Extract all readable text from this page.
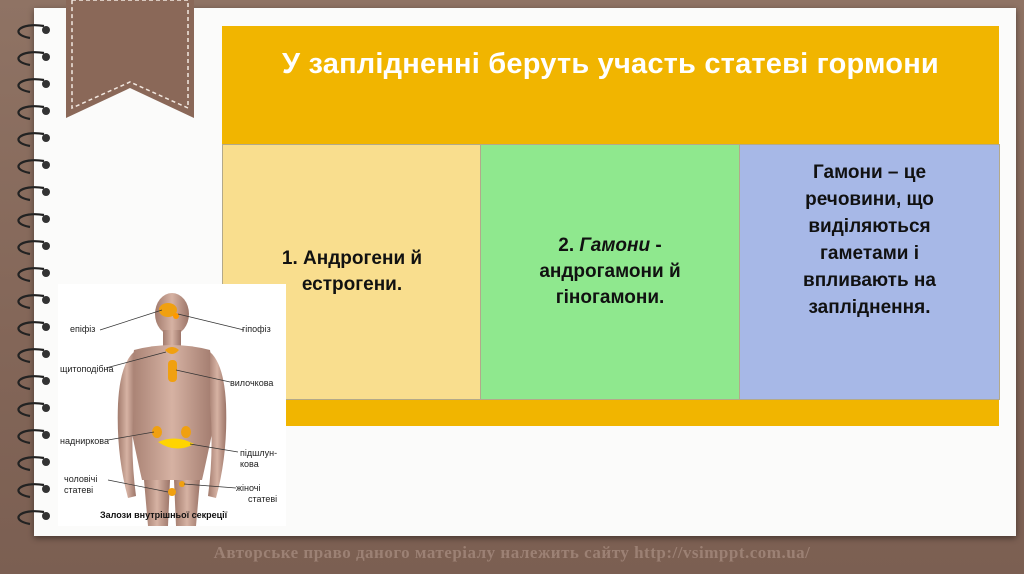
У заплідненні беруть участь статеві гормони
1. Андрогени й естрогени.
2. Гамони - андрогамони й гіногамони.
Гамони – це речовини, що виділяються гаметами і впливають на запліднення.
епіфіз	гіпофіз
щитоподібна
вилочкова
надниркова
підшлун-
кова
чоловічі
статеві	жіночі
статеві
Залози внутрішньої секреції
Авторське право даного матеріалу належить сайту http://vsimppt.com.ua/
